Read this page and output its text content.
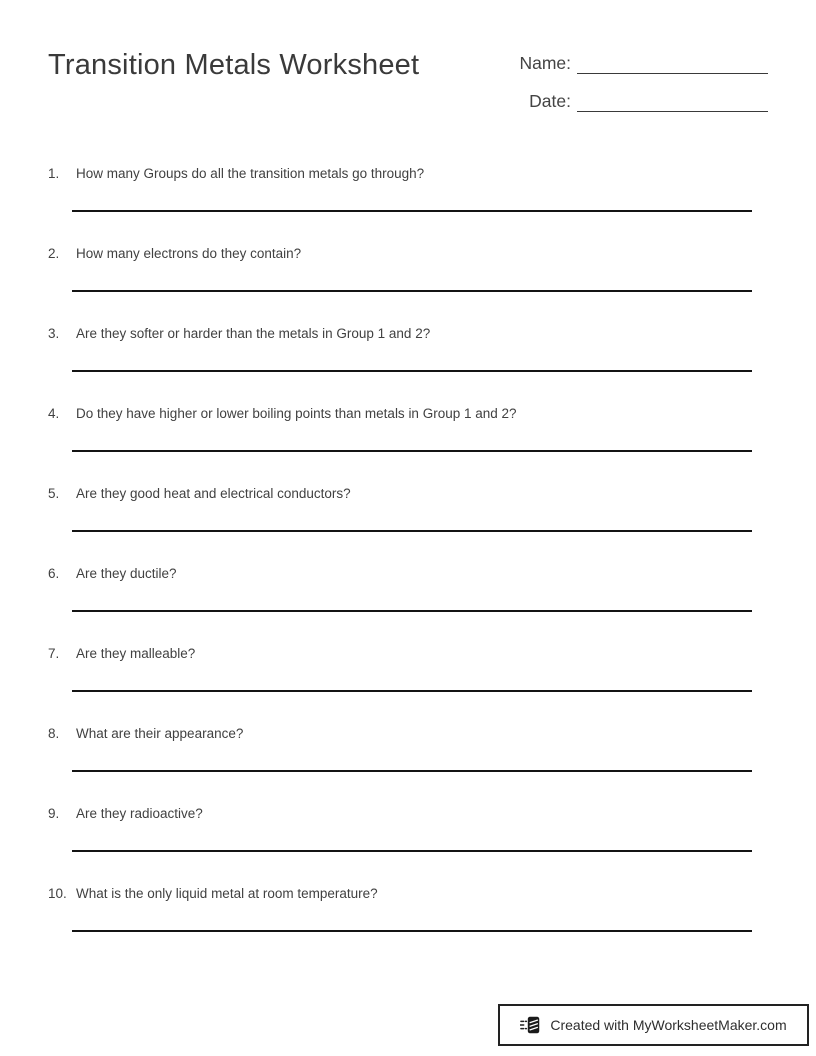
Transition Metals Worksheet	Name:
Date:
1.	How many Groups do all the transition metals go through?
2.	How many electrons do they contain?
3.	Are they softer or harder than the metals in Group 1 and 2?
4.	Do they have higher or lower boiling points than metals in Group 1 and 2?
5.	Are they good heat and electrical conductors?
6.	Are they ductile?
7.	Are they malleable?
8.	What are their appearance?
9.	Are they radioactive?
10. What is the only liquid metal at room temperature?
Created with MyWorksheetMaker.com
